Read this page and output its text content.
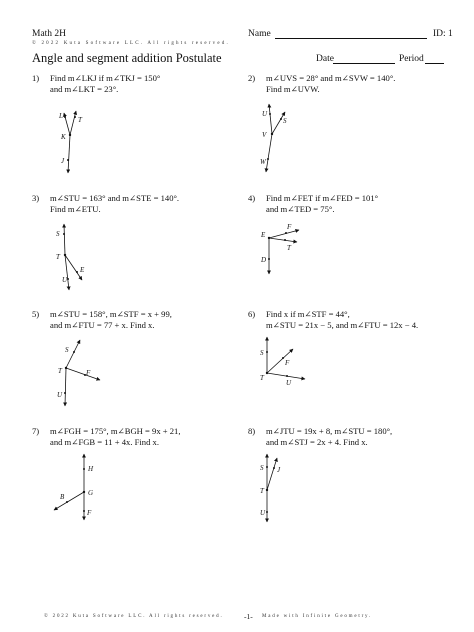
Math 2H	Name	ID: 1
© 2022 Kuta Software LLC. All rights reserved.
Angle and segment addition Postulate	Date	Period
1) Find m∠LKJ if m∠TKJ = 150°
and m∠LKT = 23°.
2) m∠UVS = 28° and m∠SVW = 140°.
Find m∠UVW.
3) m∠STU = 163° and m∠STE = 140°.
Find m∠ETU.
4) Find m∠FET if m∠FED = 101°
and m∠TED = 75°.
5) m∠STU = 158°, m∠STF = x + 99,
and m∠FTU = 77 + x. Find x.
6) Find x if m∠STF = 44°,
m∠STU = 21x − 5, and m∠FTU = 12x − 4.
7) m∠FGH = 175°, m∠BGH = 9x + 21,
and m∠FGB = 11 + 4x. Find x.
8) m∠JTU = 19x + 8, m∠STU = 180°,
and m∠STJ = 2x + 4. Find x.
L T
K
J
U
S
V
W
S
T
E
U
E
F
T
D
S
T	F
U
S
F
T
U
H
B	G
F
S J
T
U
© 2022 Kuta Software LLC. All rights reserved.	-1- Made with Infinite Geometry.
